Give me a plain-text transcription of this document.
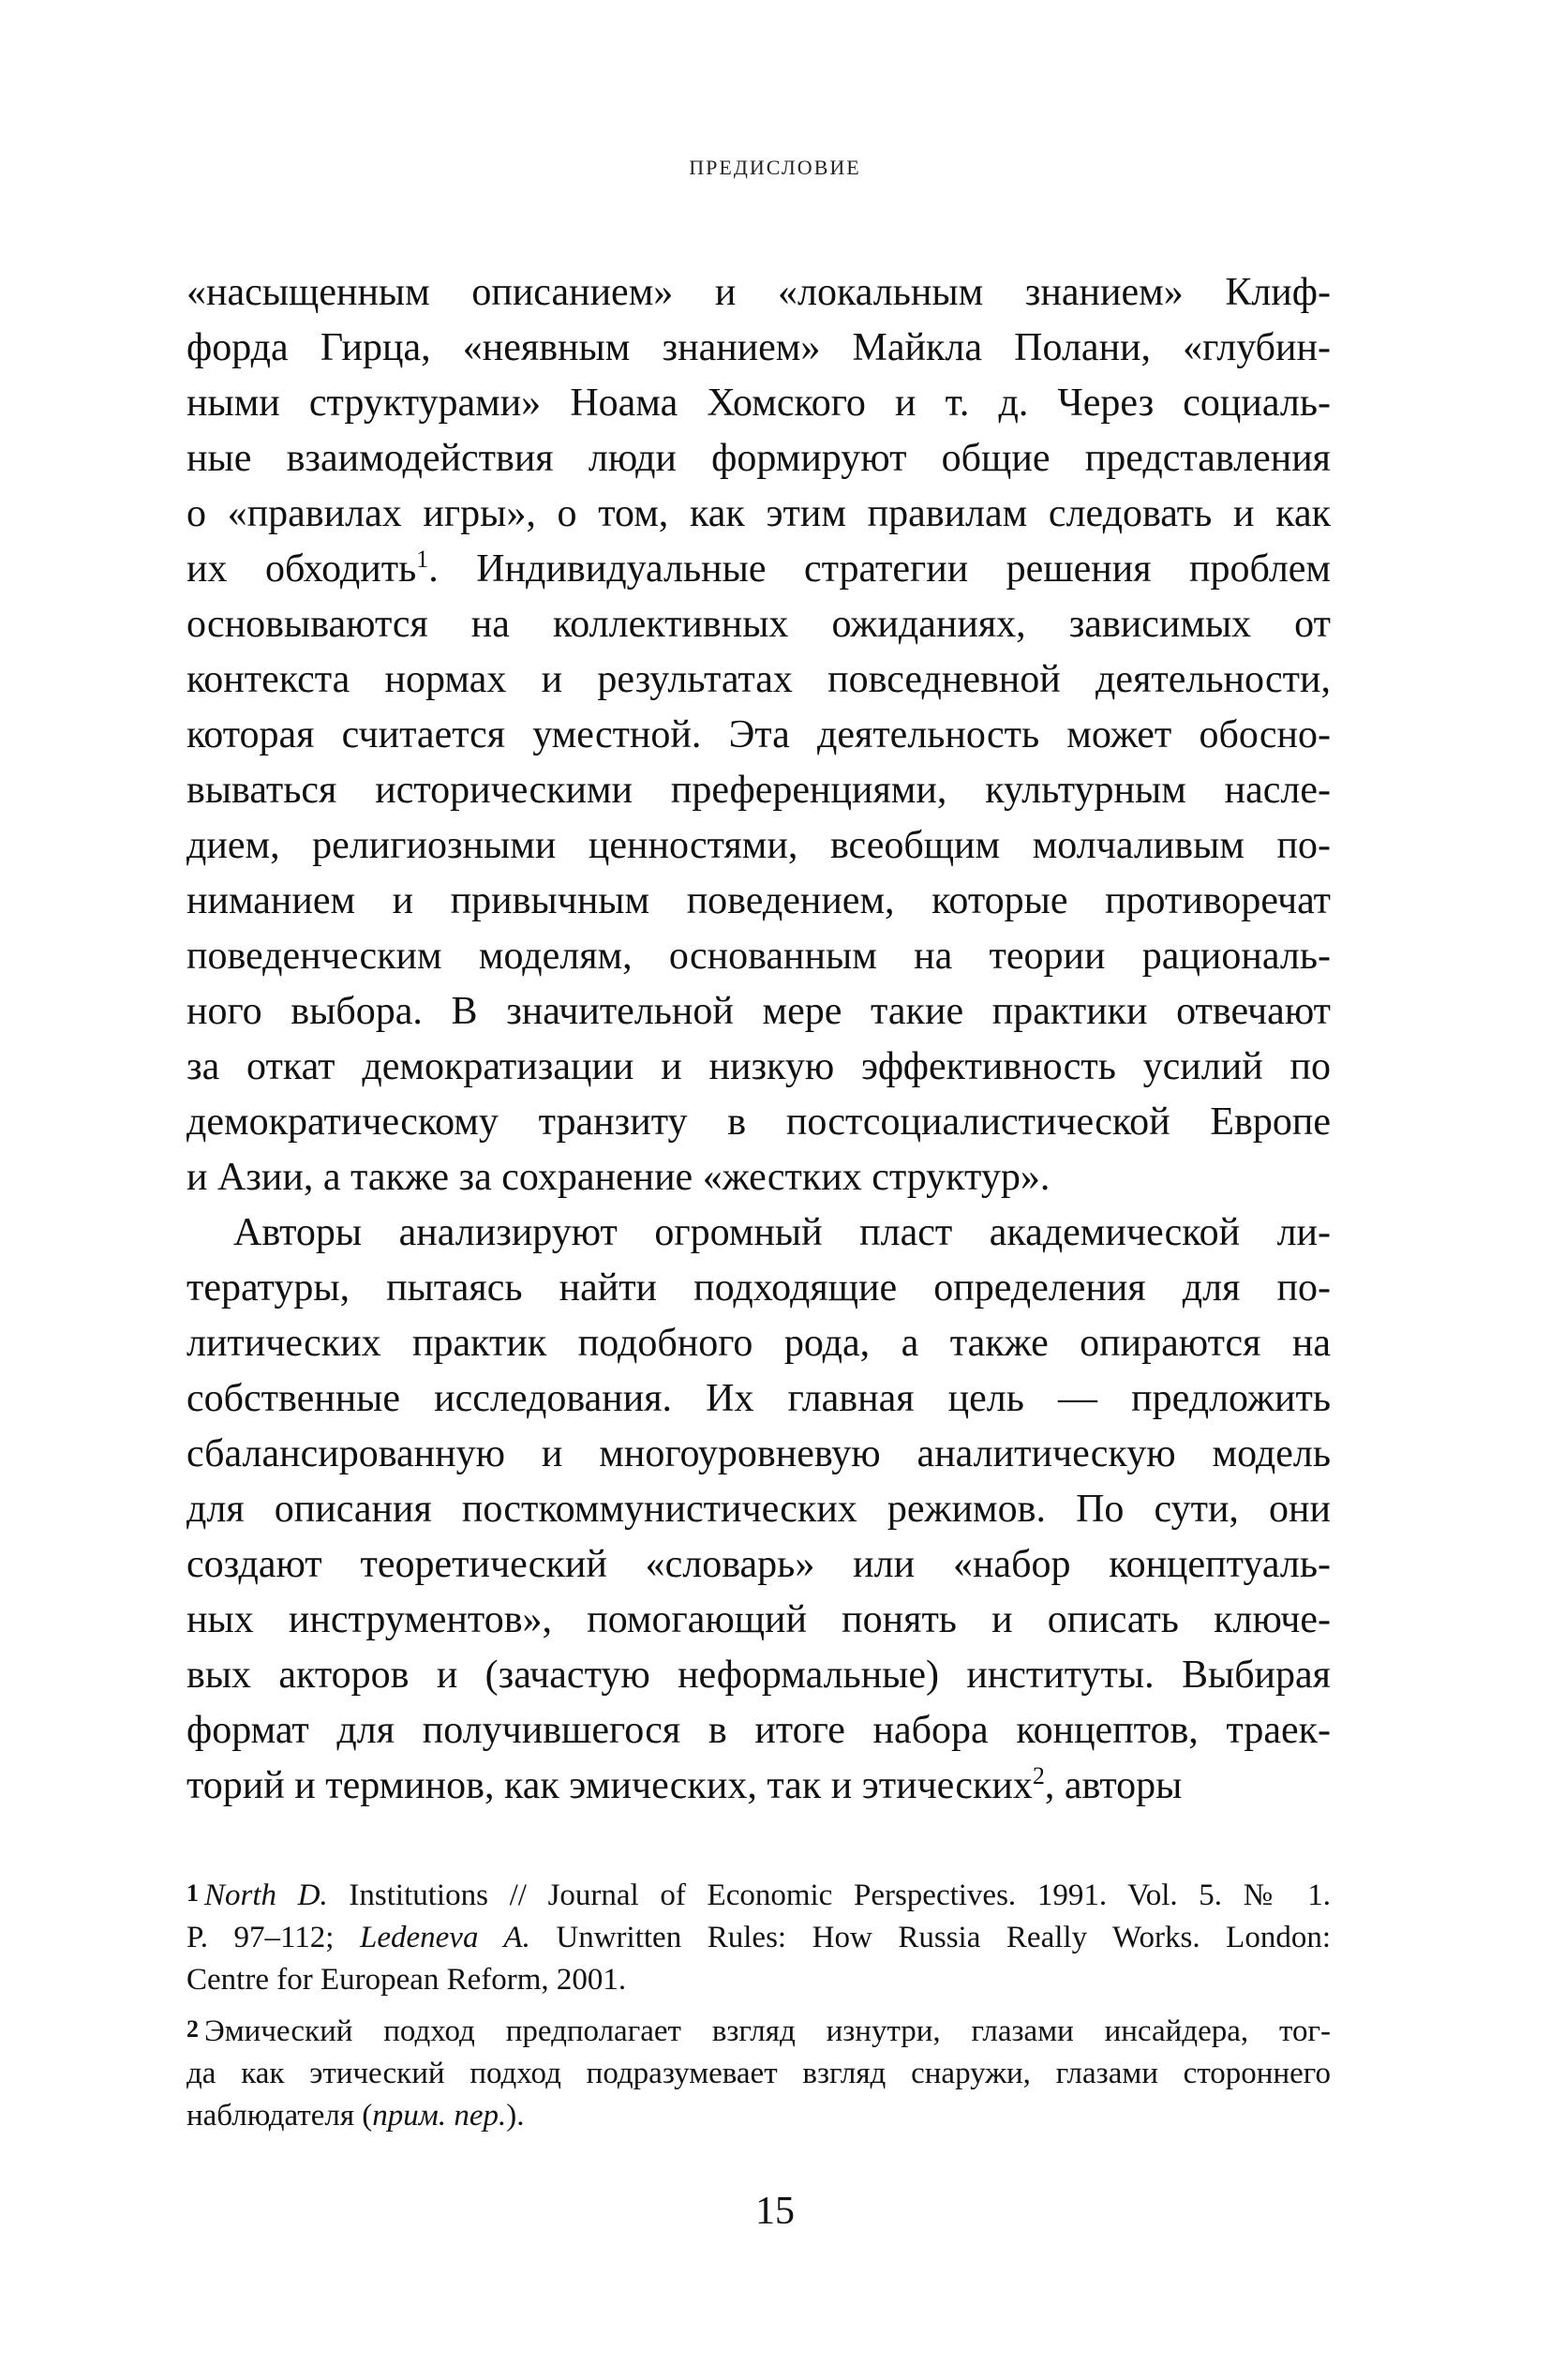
ПРЕДИСЛОВИЕ
«насыщенным описанием» и «локальным знанием» Клиф-
форда Гирца, «неявным знанием» Майкла Полани, «глубин-
ными структурами» Ноама Хомского и т. д. Через социаль-
ные взаимодействия люди формируют общие представления
о «правилах игры», о том, как этим правилам следовать и как
их обходить$^1$. Индивидуальные стратегии решения проблем
основываются на коллективных ожиданиях, зависимых от
контекста нормах и результатах повседневной деятельности,
которая считается уместной. Эта деятельность может обосно-
вываться историческими преференциями, культурным насле-
дием, религиозными ценностями, всеобщим молчаливым по-
ниманием и привычным поведением, которые противоречат
поведенческим моделям, основанным на теории рациональ-
ного выбора. В значительной мере такие практики отвечают
за откат демократизации и низкую эффективность усилий по
демократическому транзиту в постсоциалистической Европе
и Азии, а также за сохранение «жестких структур».
Авторы анализируют огромный пласт академической ли-
тературы, пытаясь найти подходящие определения для по-
литических практик подобного рода, а также опираются на
собственные исследования. Их главная цель — предложить
сбалансированную и многоуровневую аналитическую модель
для описания посткоммунистических режимов. По сути, они
создают теоретический «словарь» или «набор концептуаль-
ных инструментов», помогающий понять и описать ключе-
вых акторов и (зачастую неформальные) институты. Выбирая
формат для получившегося в итоге набора концептов, траек-
торий и терминов, как эмических, так и этических$^2$, авторы
$^1$ North D. Institutions // Journal of Economic Perspectives. 1991. Vol. 5. № 1.
P. 97–112; Ledeneva A. Unwritten Rules: How Russia Really Works. London:
Centre for European Reform, 2001.
$^2$ Эмический подход предполагает взгляд изнутри, глазами инсайдера, тог-
да как этический подход подразумевает взгляд снаружи, глазами стороннего
наблюдателя (прим. пер.).
15
